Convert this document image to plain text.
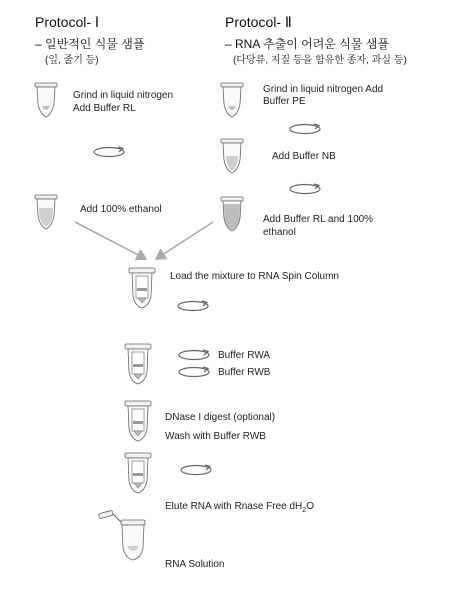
Protocol- Ⅰ
– 일반적인 식물 샘플
(잎, 줄기 등)
Protocol- Ⅱ
– RNA 추출이 어려운 식물 샘플
(다당류, 지질 등을 함유한 종자, 과실 등)
Grind in liquid nitrogen
Add Buffer RL
Add 100% ethanol
Grind in liquid nitrogen Add
Buffer PE
Add Buffer NB
Add Buffer RL and 100%
ethanol
Load the mixture to RNA Spin Column
Buffer RWA
Buffer RWB
DNase I digest (optional)
Wash with Buffer RWB
Elute RNA with Rnase Free $dH_2O$
RNA Solution
